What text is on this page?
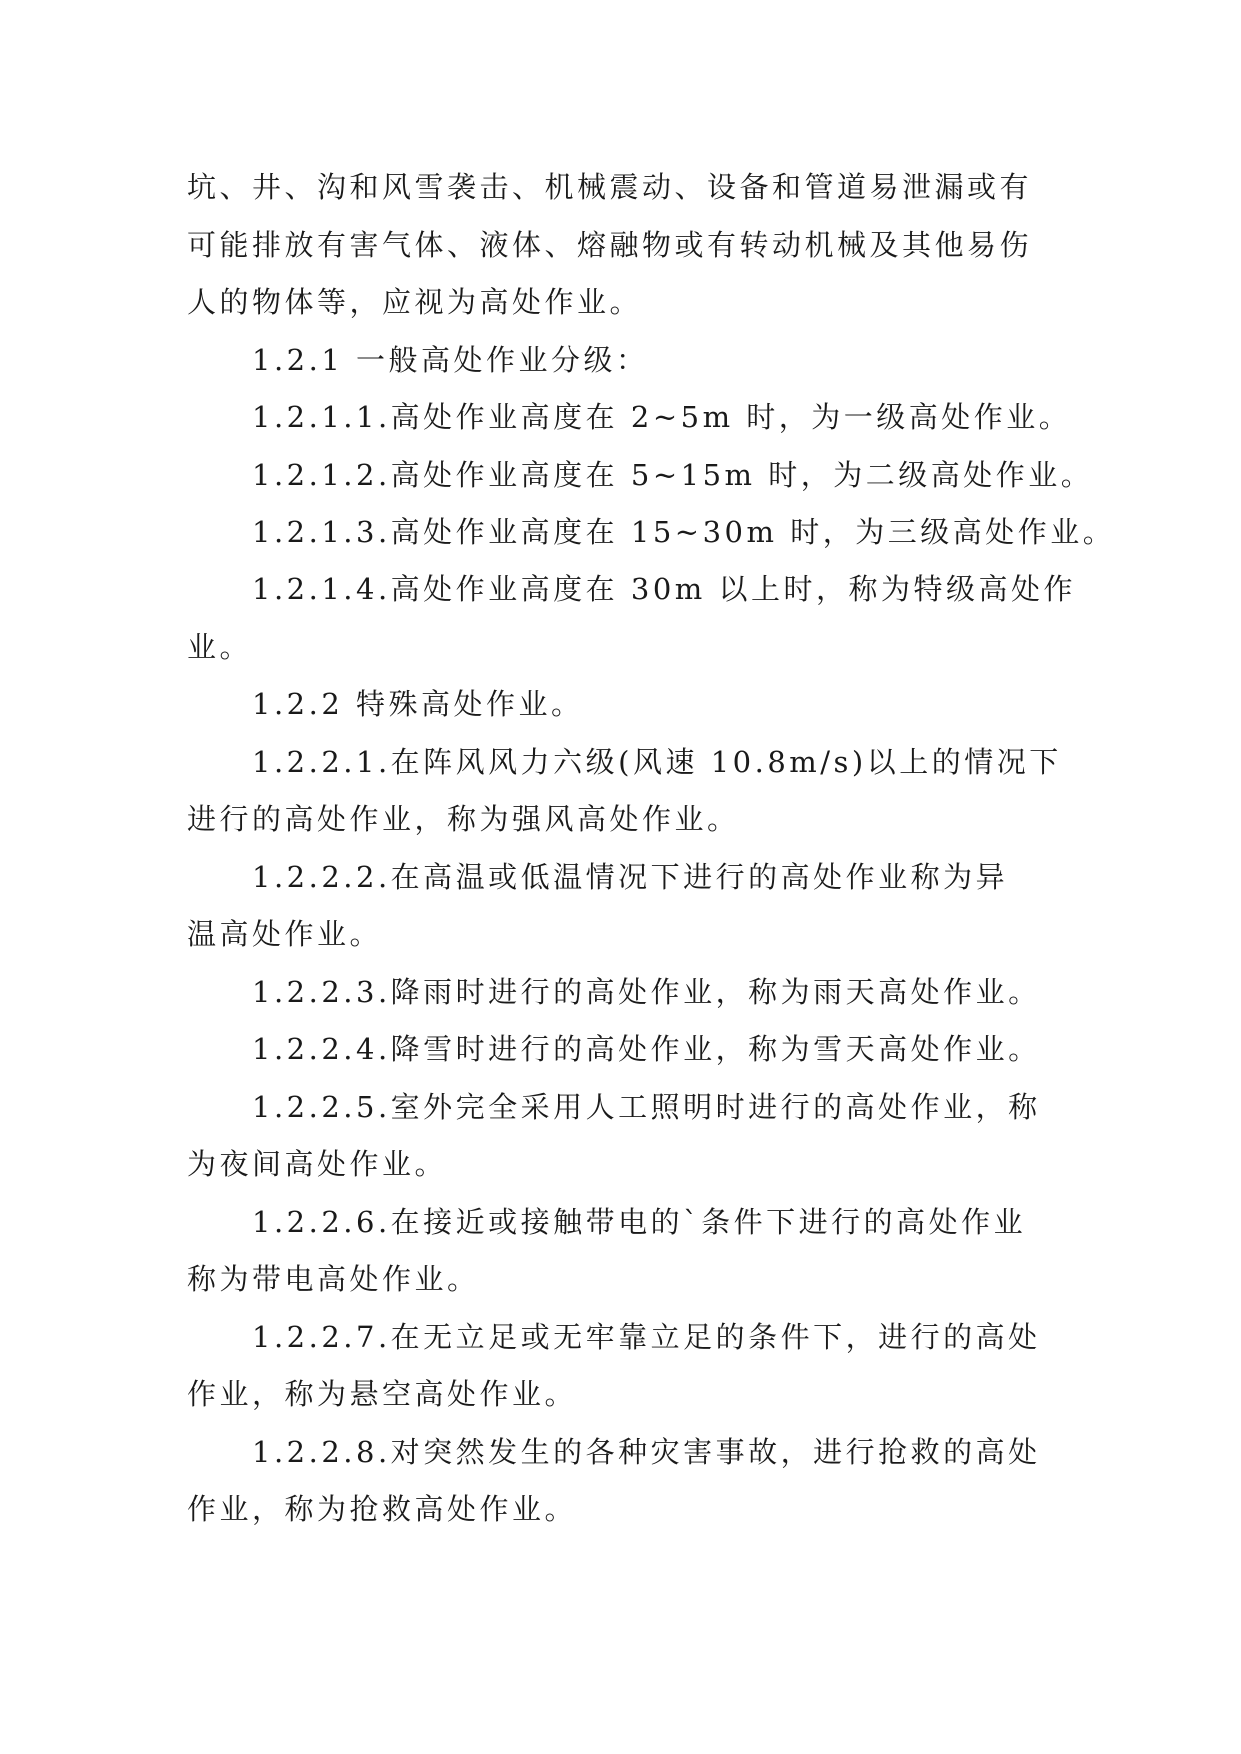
坑、井、沟和风雪袭击、机械震动、设备和管道易泄漏或有
可能排放有害气体、液体、熔融物或有转动机械及其他易伤
人的物体等，应视为高处作业。
1.2.1 一般高处作业分级：
1.2.1.1.高处作业高度在 2~5m 时，为一级高处作业。
1.2.1.2.高处作业高度在 5~15m 时，为二级高处作业。
1.2.1.3.高处作业高度在 15~30m 时，为三级高处作业。
1.2.1.4.高处作业高度在 30m 以上时，称为特级高处作
业。
1.2.2 特殊高处作业。
1.2.2.1.在阵风风力六级(风速 10.8m/s)以上的情况下
进行的高处作业，称为强风高处作业。
1.2.2.2.在高温或低温情况下进行的高处作业称为异
温高处作业。
1.2.2.3.降雨时进行的高处作业，称为雨天高处作业。
1.2.2.4.降雪时进行的高处作业，称为雪天高处作业。
1.2.2.5.室外完全采用人工照明时进行的高处作业，称
为夜间高处作业。
1.2.2.6.在接近或接触带电的`条件下进行的高处作业
称为带电高处作业。
1.2.2.7.在无立足或无牢靠立足的条件下，进行的高处
作业，称为悬空高处作业。
1.2.2.8.对突然发生的各种灾害事故，进行抢救的高处
作业，称为抢救高处作业。
